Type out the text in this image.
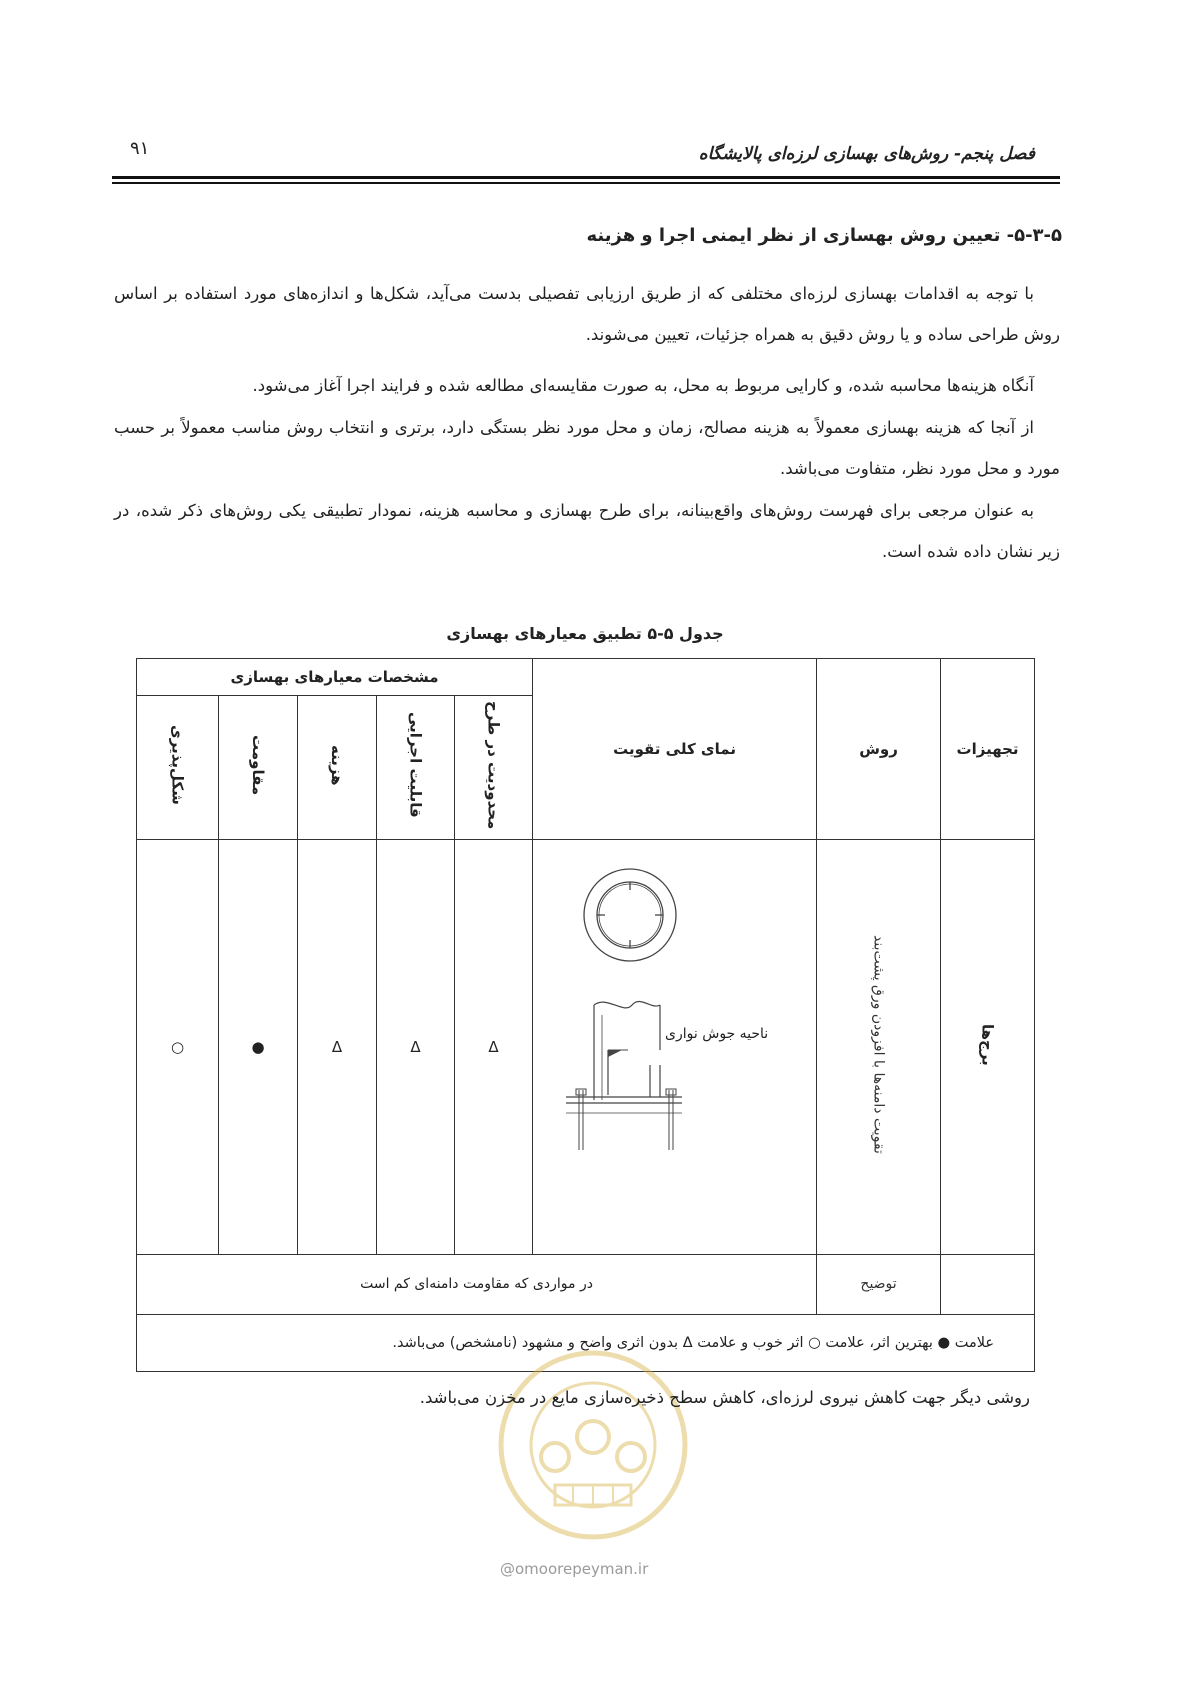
فصل پنجم- روش‌های بهسازی لرزه‌ای پالایشگاه
۹۱
۵-۳-۵- تعیین روش بهسازی از نظر ایمنی اجرا و هزینه
با توجه به اقدامات بهسازی لرزه‌ای مختلفی که از طریق ارزیابی تفصیلی بدست می‌آید، شکل‌ها و اندازه‌های مورد استفاده بر اساس روش طراحی ساده و یا روش دقیق به همراه جزئیات، تعیین می‌شوند.
آنگاه هزینه‌ها محاسبه شده، و کارایی مربوط به محل، به صورت مقایسه‌ای مطالعه شده و فرایند اجرا آغاز می‌شود.
از آنجا که هزینه بهسازی معمولاً به هزینه مصالح، زمان و محل مورد نظر بستگی دارد، برتری و انتخاب روش مناسب معمولاً بر حسب مورد و محل مورد نظر، متفاوت می‌باشد.
به عنوان مرجعی برای فهرست روش‌های واقع‌بینانه، برای طرح بهسازی و محاسبه هزینه، نمودار تطبیقی یکی روش‌های ذکر شده، در زیر نشان داده شده است.
جدول ۵-۵ تطبیق معیارهای بهسازی
تجهیزات	روش	نمای کلی تقویت	مشخصات معیارهای بهسازی				
			محدودیت در طرح	قابلیت اجرایی	هزینه	مقاومت	شکل‌پذیری
برج‌ها	تقویت دامنه‌ها با افزودن ورق پشت‌بند	ناحیه جوش نواری	Δ	Δ	Δ	●	○
	توضیح	در مواردی که مقاومت دامنه‌ای کم است					
علامت ● بهترین اثر، علامت ○ اثر خوب و علامت Δ بدون اثری واضح و مشهود (نامشخص) می‌باشد.							
@omoorepeyman.ir
روشی دیگر جهت کاهش نیروی لرزه‌ای، کاهش سطح ذخیره‌سازی مایع در مخزن می‌باشد.
